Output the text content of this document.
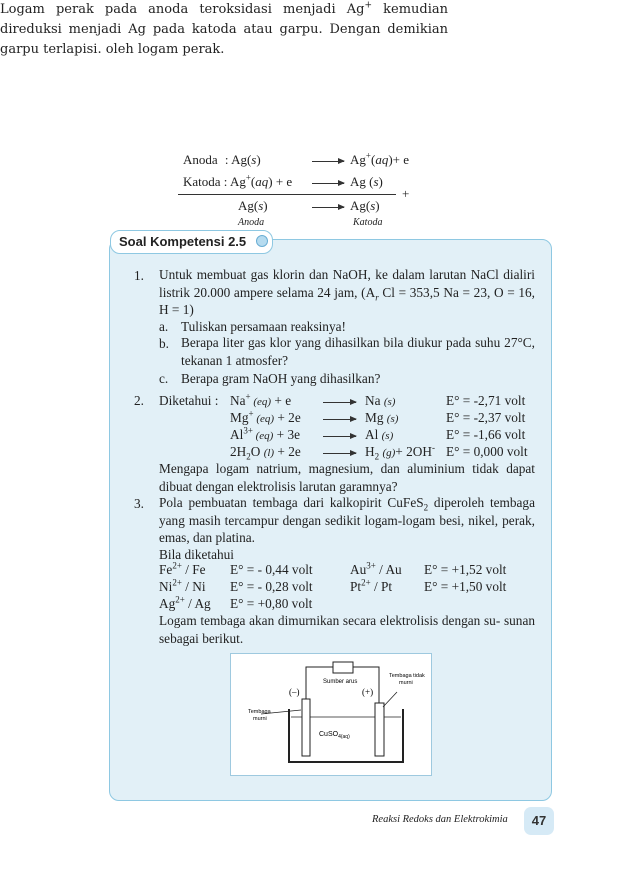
Logam perak pada anoda teroksidasi menjadi Ag+ kemudian direduksi menjadi Ag pada katoda atau garpu. Dengan demikian garpu terlapisi. oleh logam perak.
Anoda : Ag(s)	Ag+(aq)+ e
Katoda : Ag+(aq) + e	Ag (s)
+
Ag(s)	Ag(s)
Anoda	Katoda
Soal Kompetensi 2.5
1. Untuk membuat gas klorin dan NaOH, ke dalam larutan NaCl dialiri listrik 20.000 ampere selama 24 jam, ($A_r$ Cl = 353,5 Na = 23, O = 16, H = 1)
a. Tuliskan persamaan reaksinya!
b. Berapa liter gas klor yang dihasilkan bila diukur pada suhu 27°C, tekanan 1 atmosfer?
c. Berapa gram NaOH yang dihasilkan?
2. Diketahui : Na+ (eq) + e	Na (s)	E° = -2,71 volt
Mg+ (eq) + 2e	Mg (s)	E° = -2,37 volt
$Al^{3+}$ (eq) + 3e	Al (s)	E° = -1,66 volt
$2H_2O$ (l) + 2e	$H_2$ (g)+ 2OH- E° = 0,000 volt
Mengapa logam natrium, magnesium, dan aluminium tidak dapat dibuat dengan elektrolisis larutan garamnya?
3. Pola pembuatan tembaga dari kalkopirit CuFeS$_2$ diperoleh tembaga yang masih tercampur dengan sedikit logam-logam besi, nikel, perak, emas, dan platina.
Bila diketahui
$Fe^{2+}$ / Fe E° = - 0,44 volt	$Au^{3+}$ / Au E° = +1,52 volt
$Ni^{2+}$ / Ni E° = - 0,28 volt	$Pt^{2+}$ / Pt E° = +1,50 volt
$Ag^{2+}$ / Ag E° = +0,80 volt
Logam tembaga akan dimurnikan secara elektrolisis dengan su- sunan sebagai berikut.
Sumber arus
(–)	(+)
Tembaga tidak
murni
Tembaga
murni
CuSO$_{4(aq)}$
Reaksi Redoks dan Elektrokimia	47
